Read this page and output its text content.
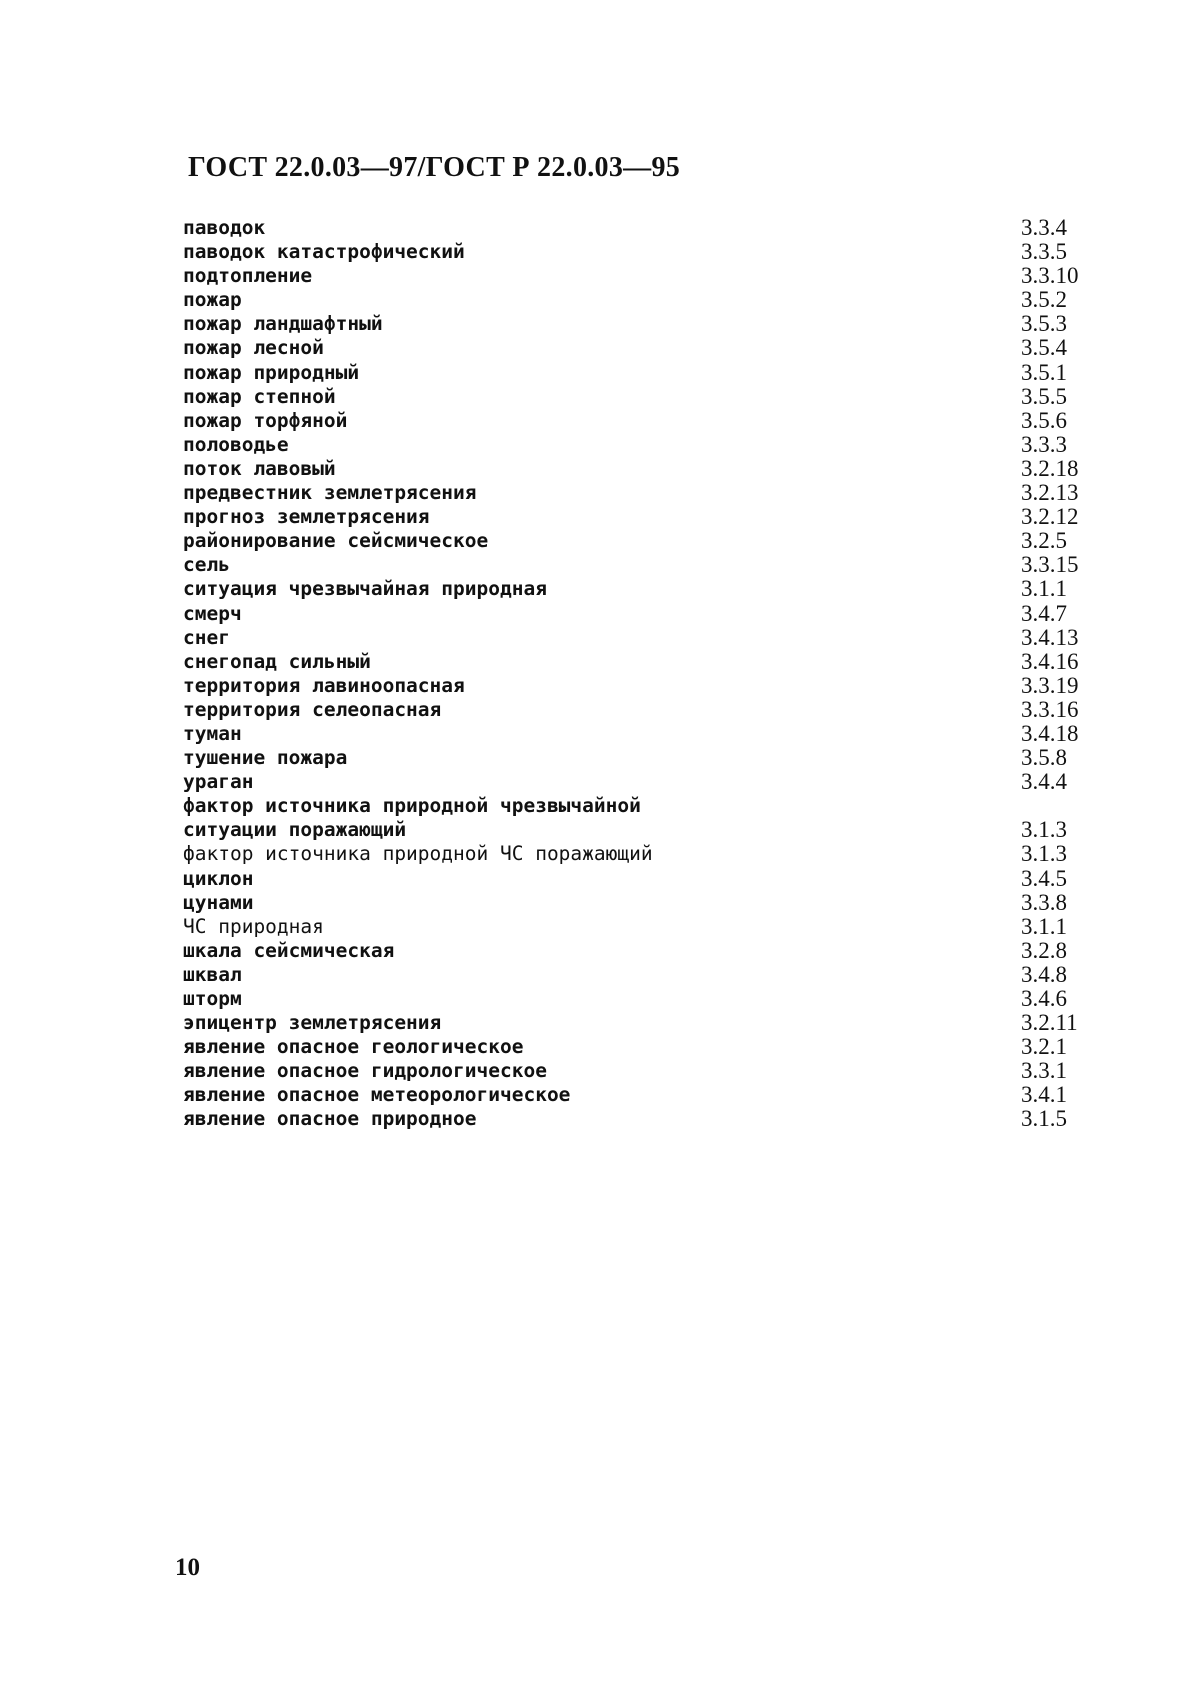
ГОСТ 22.0.03—97/ГОСТ Р 22.0.03—95
паводок	3.3.4
паводок катастрофический	3.3.5
подтопление	3.3.10
пожар	3.5.2
пожар ландшафтный	3.5.3
пожар лесной	3.5.4
пожар природный	3.5.1
пожар степной	3.5.5
пожар торфяной	3.5.6
половодье	3.3.3
поток лавовый	3.2.18
предвестник землетрясения	3.2.13
прогноз землетрясения	3.2.12
районирование сейсмическое	3.2.5
сель	3.3.15
ситуация чрезвычайная природная	3.1.1
смерч	3.4.7
снег	3.4.13
снегопад сильный	3.4.16
территория лавиноопасная	3.3.19
территория селеопасная	3.3.16
туман	3.4.18
тушение пожара	3.5.8
ураган	3.4.4
фактор источника природной чрезвычайной
ситуации поражающий	3.1.3
фактор источника природной ЧС поражающий	3.1.3
циклон	3.4.5
цунами	3.3.8
ЧС природная	3.1.1
шкала сейсмическая	3.2.8
шквал	3.4.8
шторм	3.4.6
эпицентр землетрясения	3.2.11
явление опасное геологическое	3.2.1
явление опасное гидрологическое	3.3.1
явление опасное метеорологическое	3.4.1
явление опасное природное	3.1.5
10
